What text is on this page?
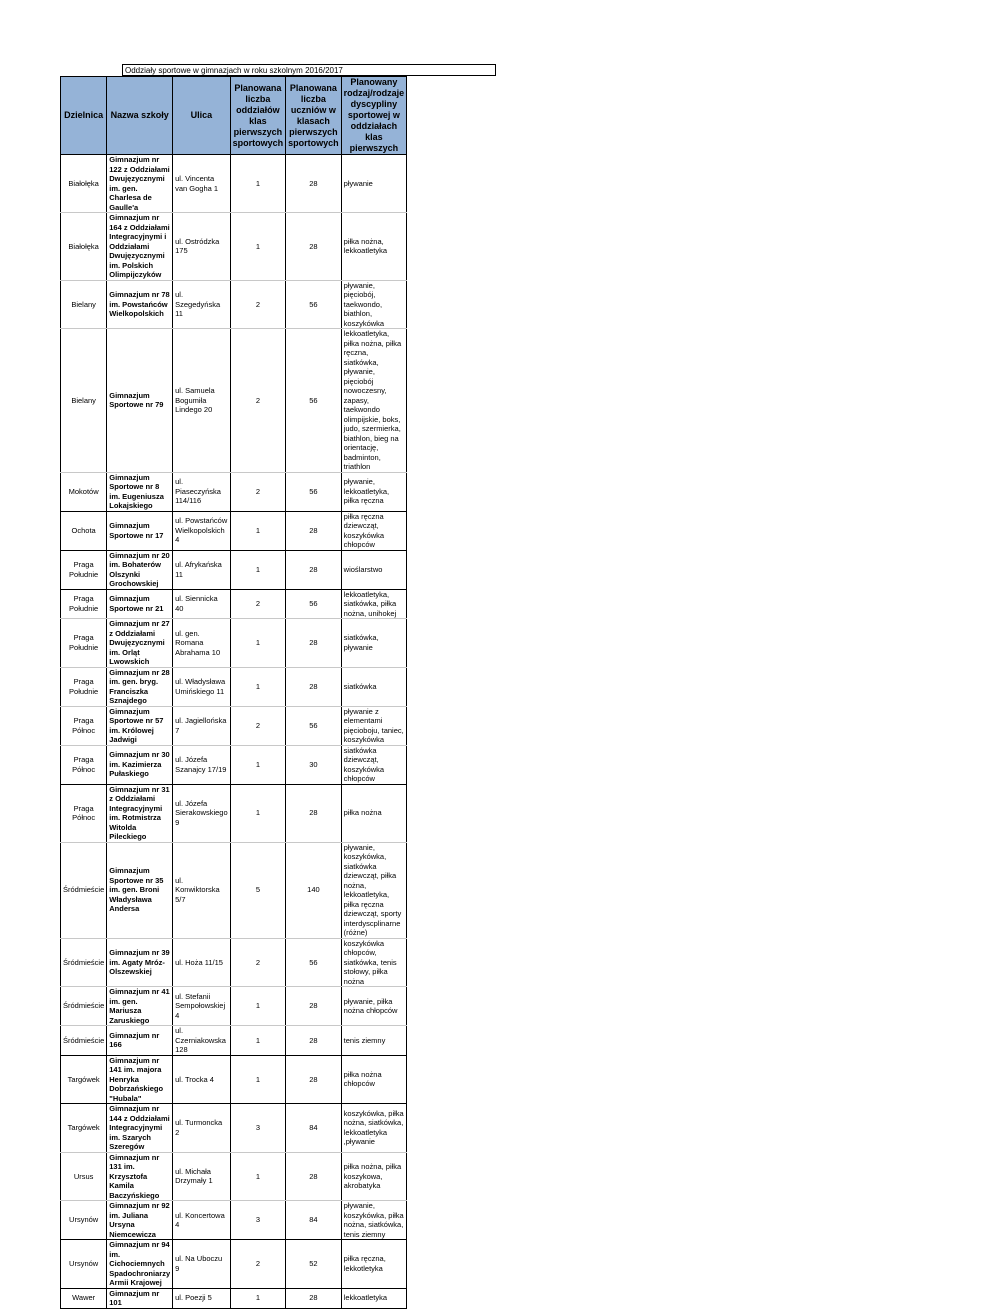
Oddziały sportowe w gimnazjach w roku szkolnym 2016/2017
Dzielnica	Nazwa szkoły	Ulica	Planowana liczba oddziałów klas pierwszych sportowych	Planowana liczba uczniów w klasach pierwszych sportowych	Planowany rodzaj/rodzaje dyscypliny sportowej w oddziałach klas pierwszych
Białołęka	Gimnazjum nr 122 z Oddziałami Dwujęzycznymi im. gen. Charlesa de Gaulle'a	ul. Vincenta van Gogha 1	1	28	pływanie
Białołęka	Gimnazjum nr 164 z Oddziałami Integracyjnymi i Oddziałami Dwujęzycznymi im. Polskich Olimpijczyków	ul. Ostródzka 175	1	28	piłka nożna, lekkoatletyka
Bielany	Gimnazjum nr 78 im. Powstańców Wielkopolskich	ul. Szegedyńska 11	2	56	pływanie, pięciobój, taekwondo, biathlon, koszykówka
Bielany	Gimnazjum Sportowe nr 79	ul. Samuela Bogumiła Lindego 20	2	56	lekkoatletyka, piłka nożna, piłka ręczna, siatkówka, pływanie, pięciobój nowoczesny, zapasy, taekwondo olimpijskie, boks, judo, szermierka, biathlon, bieg na orientację, badminton, triathlon
Mokotów	Gimnazjum Sportowe nr 8 im. Eugeniusza Lokajskiego	ul. Piaseczyńska 114/116	2	56	pływanie, lekkoatletyka, piłka ręczna
Ochota	Gimnazjum Sportowe nr 17	ul. Powstańców Wielkopolskich 4	1	28	piłka ręczna dziewcząt, koszykówka chłopców
Praga Południe	Gimnazjum nr 20 im. Bohaterów Olszynki Grochowskiej	ul. Afrykańska 11	1	28	wioślarstwo
Praga Południe	Gimnazjum Sportowe nr 21	ul. Siennicka 40	2	56	lekkoatletyka, siatkówka, piłka nożna, unihokej
Praga Południe	Gimnazjum nr 27 z Oddziałami Dwujęzycznymi im. Orląt Lwowskich	ul. gen. Romana Abrahama 10	1	28	siatkówka, pływanie
Praga Południe	Gimnazjum nr 28 im. gen. bryg. Franciszka Sznajdego	ul. Władysława Umińskiego 11	1	28	siatkówka
Praga Północ	Gimnazjum Sportowe nr 57 im. Królowej Jadwigi	ul. Jagiellońska 7	2	56	pływanie z elementami pięcioboju, taniec, koszykówka
Praga Północ	Gimnazjum nr 30 im. Kazimierza Pułaskiego	ul. Józefa Szanajcy 17/19	1	30	siatkówka dziewcząt, koszykówka chłopców
Praga Północ	Gimnazjum nr 31 z Oddziałami Integracyjnymi im. Rotmistrza Witolda Pileckiego	ul. Józefa Sierakowskiego 9	1	28	piłka nożna
Śródmieście	Gimnazjum Sportowe nr 35 im. gen. Broni Władysława Andersa	ul. Konwiktorska 5/7	5	140	pływanie, koszykówka, siatkówka dziewcząt, piłka nożna, lekkoatletyka, piłka ręczna dziewcząt, sporty interdyscplinarne (różne)
Śródmieście	Gimnazjum nr 39 im. Agaty Mróz-Olszewskiej	ul. Hoża 11/15	2	56	koszykówka chłopców, siatkówka, tenis stołowy, piłka nożna
Śródmieście	Gimnazjum nr 41 im. gen. Mariusza Zaruskiego	ul. Stefanii Sempołowskiej 4	1	28	pływanie, piłka nożna chłopców
Śródmieście	Gimnazjum nr 166	ul. Czerniakowska 128	1	28	tenis ziemny
Targówek	Gimnazjum nr 141 im. majora Henryka Dobrzańskiego "Hubala"	ul. Trocka 4	1	28	piłka nożna chłopców
Targówek	Gimnazjum nr 144 z Oddziałami Integracyjnymi im. Szarych Szeregów	ul. Turmoncka 2	3	84	koszykówka, piłka nożna, siatkówka, lekkoatletyka ,pływanie
Ursus	Gimnazjum nr 131 im. Krzysztofa Kamila Baczyńskiego	ul. Michała Drzymały 1	1	28	piłka nożna, piłka koszykowa, akrobatyka
Ursynów	Gimnazjum nr 92 im. Juliana Ursyna Niemcewicza	ul. Koncertowa 4	3	84	pływanie, koszykówka, piłka nożna, siatkówka, tenis ziemny
Ursynów	Gimnazjum nr 94 im. Cichociemnych Spadochroniarzy Armii Krajowej	ul. Na Uboczu 9	2	52	piłka ręczna, lekkotletyka
Wawer	Gimnazjum nr 101	ul. Poezji 5	1	28	lekkoatletyka
